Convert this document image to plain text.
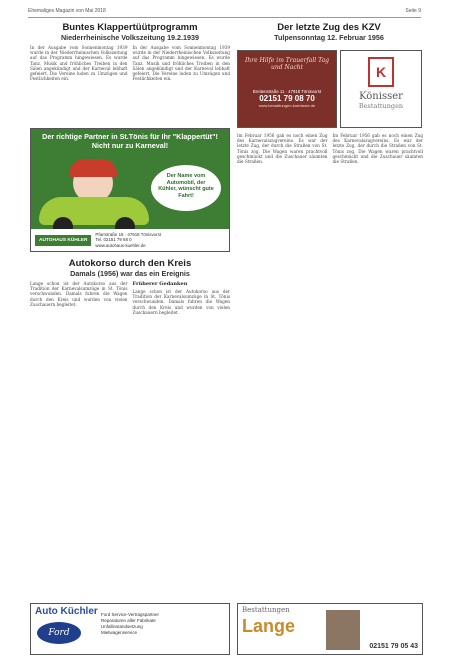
Ehemaliges Magazin von Mai 2018	Seite 9
Buntes Klappertüütprogramm
Niederrheinische Volkszeitung 19.2.1939
In der Ausgabe vom Sonnenmontag 1939 wurde in der Niederrheinischen Volkszeitung auf das Programm hingewiesen. Es wurde Tanz, Musik und fröhliches Treiben in den Sälen angekündigt und der Karneval lebhaft gefeiert. Die Vereine luden zu Umzügen und Festlichkeiten ein.
In der Ausgabe vom Sonnenmontag 1939 wurde in der Niederrheinischen Volkszeitung auf das Programm hingewiesen. Es wurde Tanz, Musik und fröhliches Treiben in den Sälen angekündigt und der Karneval lebhaft gefeiert. Die Vereine luden zu Umzügen und Festlichkeiten ein.
Der richtige Partner in St.Tönis für Ihr "Klappertüt"! Nicht nur zu Karneval!
Der Name vom Automobil, der Kühler, wünscht gute Fahrt!
AUTOHAUS KÜHLER
Pfarrstraße 18 · 47918 Tönisvorst
Tel. 02151 79 68 0
www.autohaus-kuehler.de
Autokorso durch den Kreis
Damals (1956) war das ein Ereignis
Lange schon ist der Autokorso aus der Tradition der Karnevalsumzüge in St. Tönis verschwunden. Damals fuhren die Wagen durch den Kreis und wurden von vielen Zuschauern begleitet.
Früherer Gedanken
Lange schon ist der Autokorso aus der Tradition der Karnevalsumzüge in St. Tönis verschwunden. Damals fuhren die Wagen durch den Kreis und wurden von vielen Zuschauern begleitet.
Der letzte Zug des KZV
Tulpensonntag 12. Februar 1956
Ihre Hilfe im Trauerfall Tag und Nacht
Breitenstraße 11 · 47918 Tönisvorst
02151 79 08 70
www.bestattungen-koenisser.de
K
Könisser
Bestattungen
Im Februar 1956 gab es noch einen Zug des Karnevalszugvereins. Es war der letzte Zug, der durch die Straßen von St. Tönis zog. Die Wagen waren prachtvoll geschmückt und die Zuschauer säumten die Straßen.
Im Februar 1956 gab es noch einen Zug des Karnevalszugvereins. Es war der letzte Zug, der durch die Straßen von St. Tönis zog. Die Wagen waren prachtvoll geschmückt und die Zuschauer säumten die Straßen.
Auto Küchler
Ford
Ford Service-Vertragspartner
Reparaturen aller Fabrikate
Unfallinstandsetzung
Mietwagenservice
Bestattungen
Lange
02151 79 05 43
